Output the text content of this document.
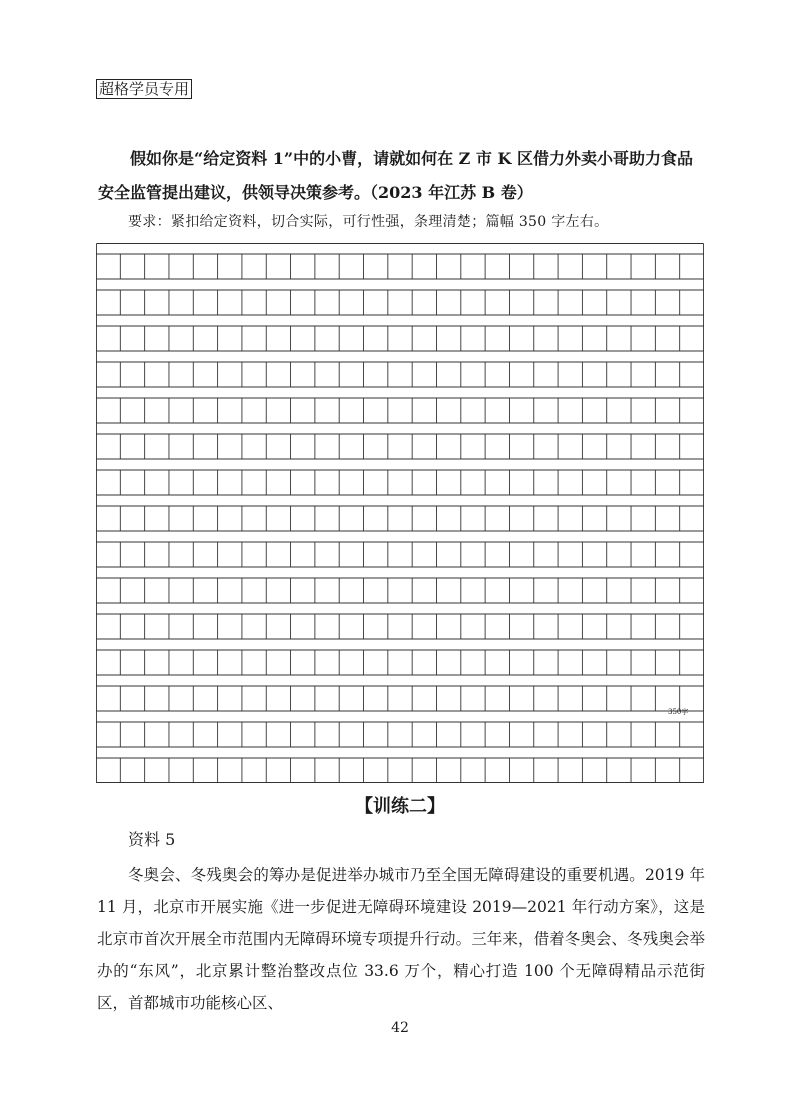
超格学员专用
假如你是“给定资料 1”中的小曹，请就如何在 Z 市 K 区借力外卖小哥助力食品安全监管提出建议，供领导决策参考。（2023 年江苏 B 卷）
要求：紧扣给定资料，切合实际，可行性强，条理清楚；篇幅 350 字左右。
350字
【训练二】
资料 5
冬奥会、冬残奥会的筹办是促进举办城市乃至全国无障碍建设的重要机遇。2019 年 11 月，北京市开展实施《进一步促进无障碍环境建设 2019—2021 年行动方案》，这是北京市首次开展全市范围内无障碍环境专项提升行动。三年来，借着冬奥会、冬残奥会举办的“东风”，北京累计整治整改点位 33.6 万个，精心打造 100 个无障碍精品示范街区，首都城市功能核心区、
42
